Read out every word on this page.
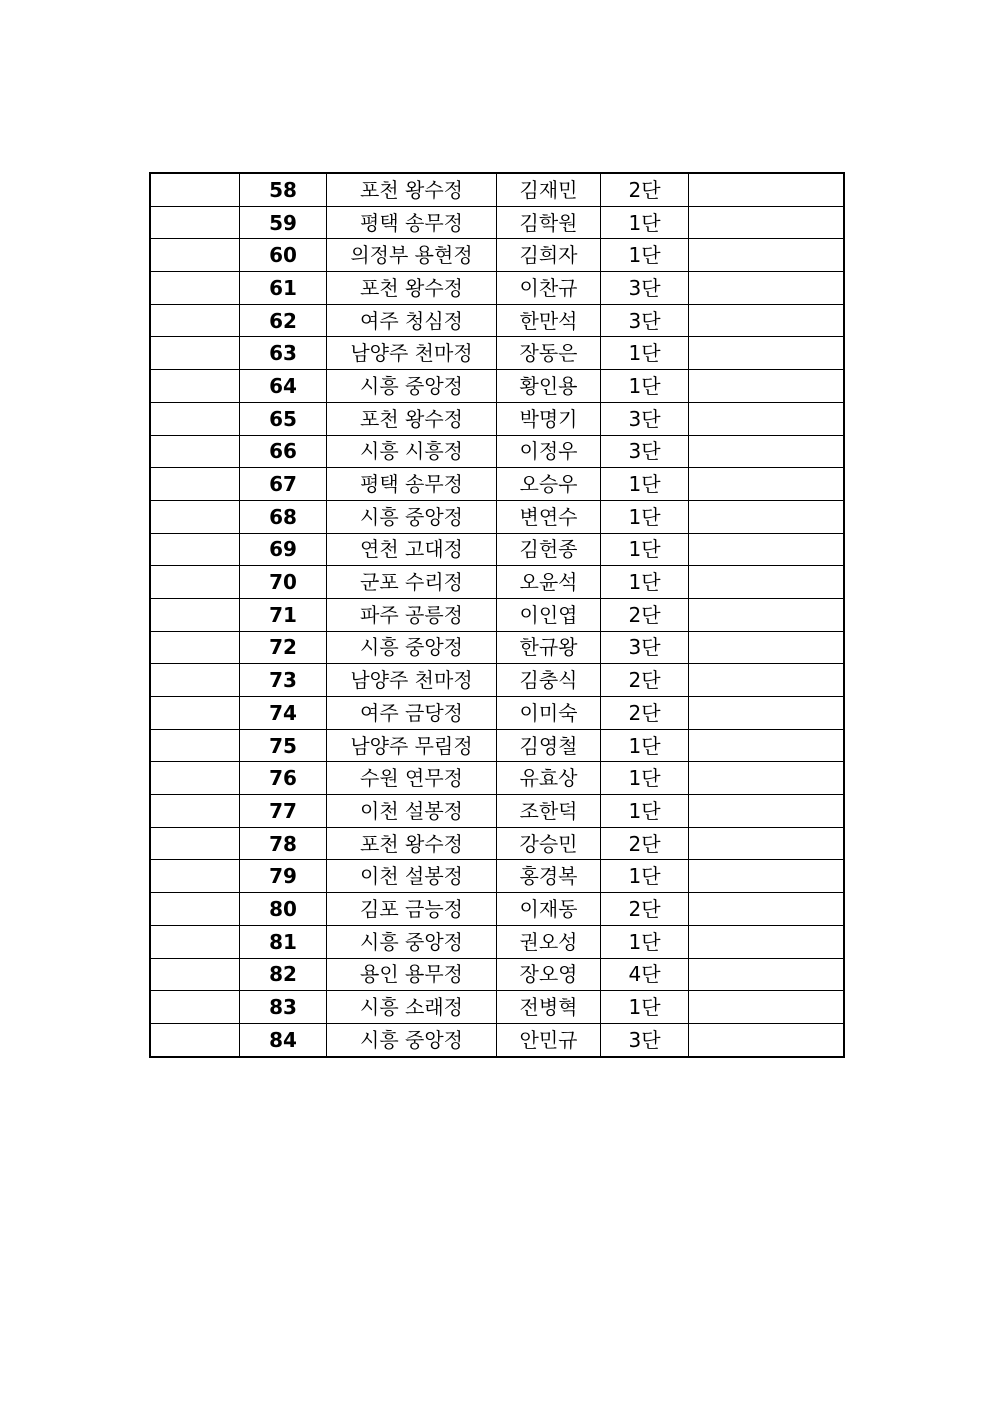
	58	포천 왕수정	김재민	2단	
	59	평택 송무정	김학원	1단	
	60	의정부 용현정	김희자	1단	
	61	포천 왕수정	이찬규	3단	
	62	여주 청심정	한만석	3단	
	63	남양주 천마정	장동은	1단	
	64	시흥 중앙정	황인용	1단	
	65	포천 왕수정	박명기	3단	
	66	시흥 시흥정	이정우	3단	
	67	평택 송무정	오승우	1단	
	68	시흥 중앙정	변연수	1단	
	69	연천 고대정	김헌종	1단	
	70	군포 수리정	오윤석	1단	
	71	파주 공릉정	이인엽	2단	
	72	시흥 중앙정	한규왕	3단	
	73	남양주 천마정	김충식	2단	
	74	여주 금당정	이미숙	2단	
	75	남양주 무림정	김영철	1단	
	76	수원 연무정	유효상	1단	
	77	이천 설봉정	조한덕	1단	
	78	포천 왕수정	강승민	2단	
	79	이천 설봉정	홍경복	1단	
	80	김포 금능정	이재동	2단	
	81	시흥 중앙정	권오성	1단	
	82	용인 용무정	장오영	4단	
	83	시흥 소래정	전병혁	1단	
	84	시흥 중앙정	안민규	3단	
